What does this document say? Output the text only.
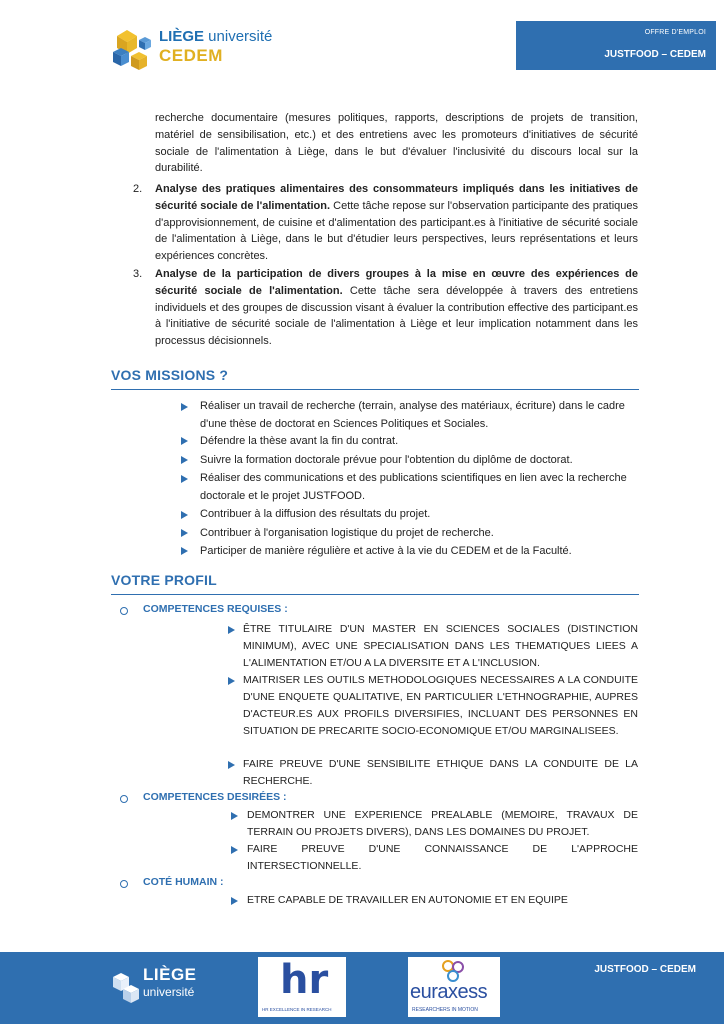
LIÈGE université
CEDEM
OFFRE D'EMPLOI
JUSTFOOD – CEDEM
recherche documentaire (mesures politiques, rapports, descriptions de projets de transition, matériel de sensibilisation, etc.) et des entretiens avec les promoteurs d'initiatives de sécurité sociale de l'alimentation à Liège, dans le but d'évaluer l'inclusivité du discours local sur la durabilité.
2. Analyse des pratiques alimentaires des consommateurs impliqués dans les initiatives de sécurité sociale de l'alimentation. Cette tâche repose sur l'observation participante des pratiques d'approvisionnement, de cuisine et d'alimentation des participant.es à l'initiative de sécurité sociale de l'alimentation à Liège, dans le but d'étudier leurs perspectives, leurs représentations et leurs expériences concrètes.
3. Analyse de la participation de divers groupes à la mise en œuvre des expériences de sécurité sociale de l'alimentation. Cette tâche sera développée à travers des entretiens individuels et des groupes de discussion visant à évaluer la contribution effective des participant.es à l'initiative de sécurité sociale de l'alimentation à Liège et leur implication notamment dans les processus décisionnels.
VOS MISSIONS ?
Réaliser un travail de recherche (terrain, analyse des matériaux, écriture) dans le cadre d'une thèse de doctorat en Sciences Politiques et Sociales.
Défendre la thèse avant la fin du contrat.
Suivre la formation doctorale prévue pour l'obtention du diplôme de doctorat.
Réaliser des communications et des publications scientifiques en lien avec la recherche doctorale et le projet JUSTFOOD.
Contribuer à la diffusion des résultats du projet.
Contribuer à l'organisation logistique du projet de recherche.
Participer de manière régulière et active à la vie du CEDEM et de la Faculté.
VOTRE PROFIL
COMPETENCES REQUISES :
ÊTRE TITULAIRE D'UN MASTER EN SCIENCES SOCIALES (DISTINCTION MINIMUM), AVEC UNE SPECIALISATION DANS LES THEMATIQUES LIEES A L'ALIMENTATION ET/OU A LA DIVERSITE ET A L'INCLUSION.
MAITRISER LES OUTILS METHODOLOGIQUES NECESSAIRES A LA CONDUITE D'UNE ENQUETE QUALITATIVE, EN PARTICULIER L'ETHNOGRAPHIE, AUPRES D'ACTEUR.ES AUX PROFILS DIVERSIFIES, INCLUANT DES PERSONNES EN SITUATION DE PRECARITE SOCIO-ECONOMIQUE ET/OU MARGINALISEES.
FAIRE PREUVE D'UNE SENSIBILITE ETHIQUE DANS LA CONDUITE DE LA RECHERCHE.
COMPETENCES DESIRÉES :
DEMONTRER UNE EXPERIENCE PREALABLE (MEMOIRE, TRAVAUX DE TERRAIN OU PROJETS DIVERS), DANS LES DOMAINES DU PROJET.
FAIRE PREUVE D'UNE CONNAISSANCE DE L'APPROCHE INTERSECTIONNELLE.
COTÉ HUMAIN :
ETRE CAPABLE DE TRAVAILLER EN AUTONOMIE ET EN EQUIPE
JUSTFOOD – CEDEM
LIÈGE
université hr
HR EXCELLENCE IN RESEARCH
euraxess
RESEARCHERS IN MOTION
